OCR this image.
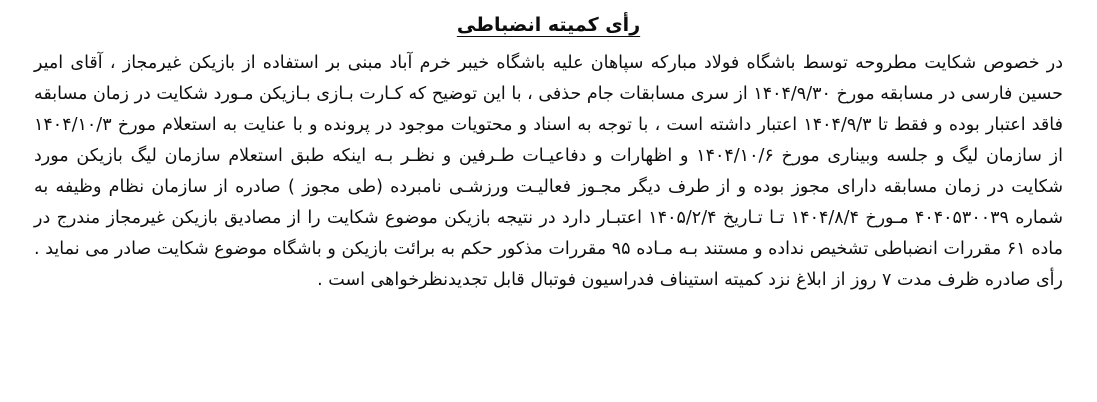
رأی کمیته انضباطی

در خصوص شکایت مطروحه توسط باشگاه فولاد مبارکه سپاهان علیه باشگاه خیبر خرم آباد مبنی بر استفاده از بازیکن غیرمجاز ، آقای امیر حسین فارسی در مسابقه مورخ ۱۴۰۴/۹/۳۰ از سری مسابقات جام حذفی ، با این توضیح که کـارت بـازی بـازیکن مـورد شکایت در زمان مسابقه فاقد اعتبار بوده و فقط تا ۱۴۰۴/۹/۳ اعتبار داشته است ، با توجه به اسناد و محتویات موجود در پرونده و با عنایت به استعلام مورخ ۱۴۰۴/۱۰/۳ از سازمان لیگ و جلسه وبیناری مورخ ۱۴۰۴/۱۰/۶ و اظهارات و دفاعیـات طـرفین و نظـر بـه اینکه طبق استعلام سازمان لیگ بازیکن مورد شکایت در زمان مسابقه دارای مجوز بوده و از طرف دیگر مجـوز فعالیـت ورزشـی نامبرده (طی مجوز ) صادره از سازمان نظام وظیفه به شماره ۴۰۴۰۵۳۰۰۳۹ مـورخ ۱۴۰۴/۸/۴ تـا تـاریخ ۱۴۰۵/۲/۴ اعتبـار دارد در نتیجه بازیکن موضوع شکایت را از مصادیق بازیکن غیرمجاز مندرج در ماده ۶۱ مقررات انضباطی تشخیص نداده و مستند بـه مـاده ۹۵ مقررات مذکور حکم به برائت بازیکن و باشگاه موضوع شکایت صادر می نماید . رأی صادره ظرف مدت ۷ روز از ابلاغ نزد کمیته استیناف فدراسیون فوتبال قابل تجدیدنظرخواهی است .
